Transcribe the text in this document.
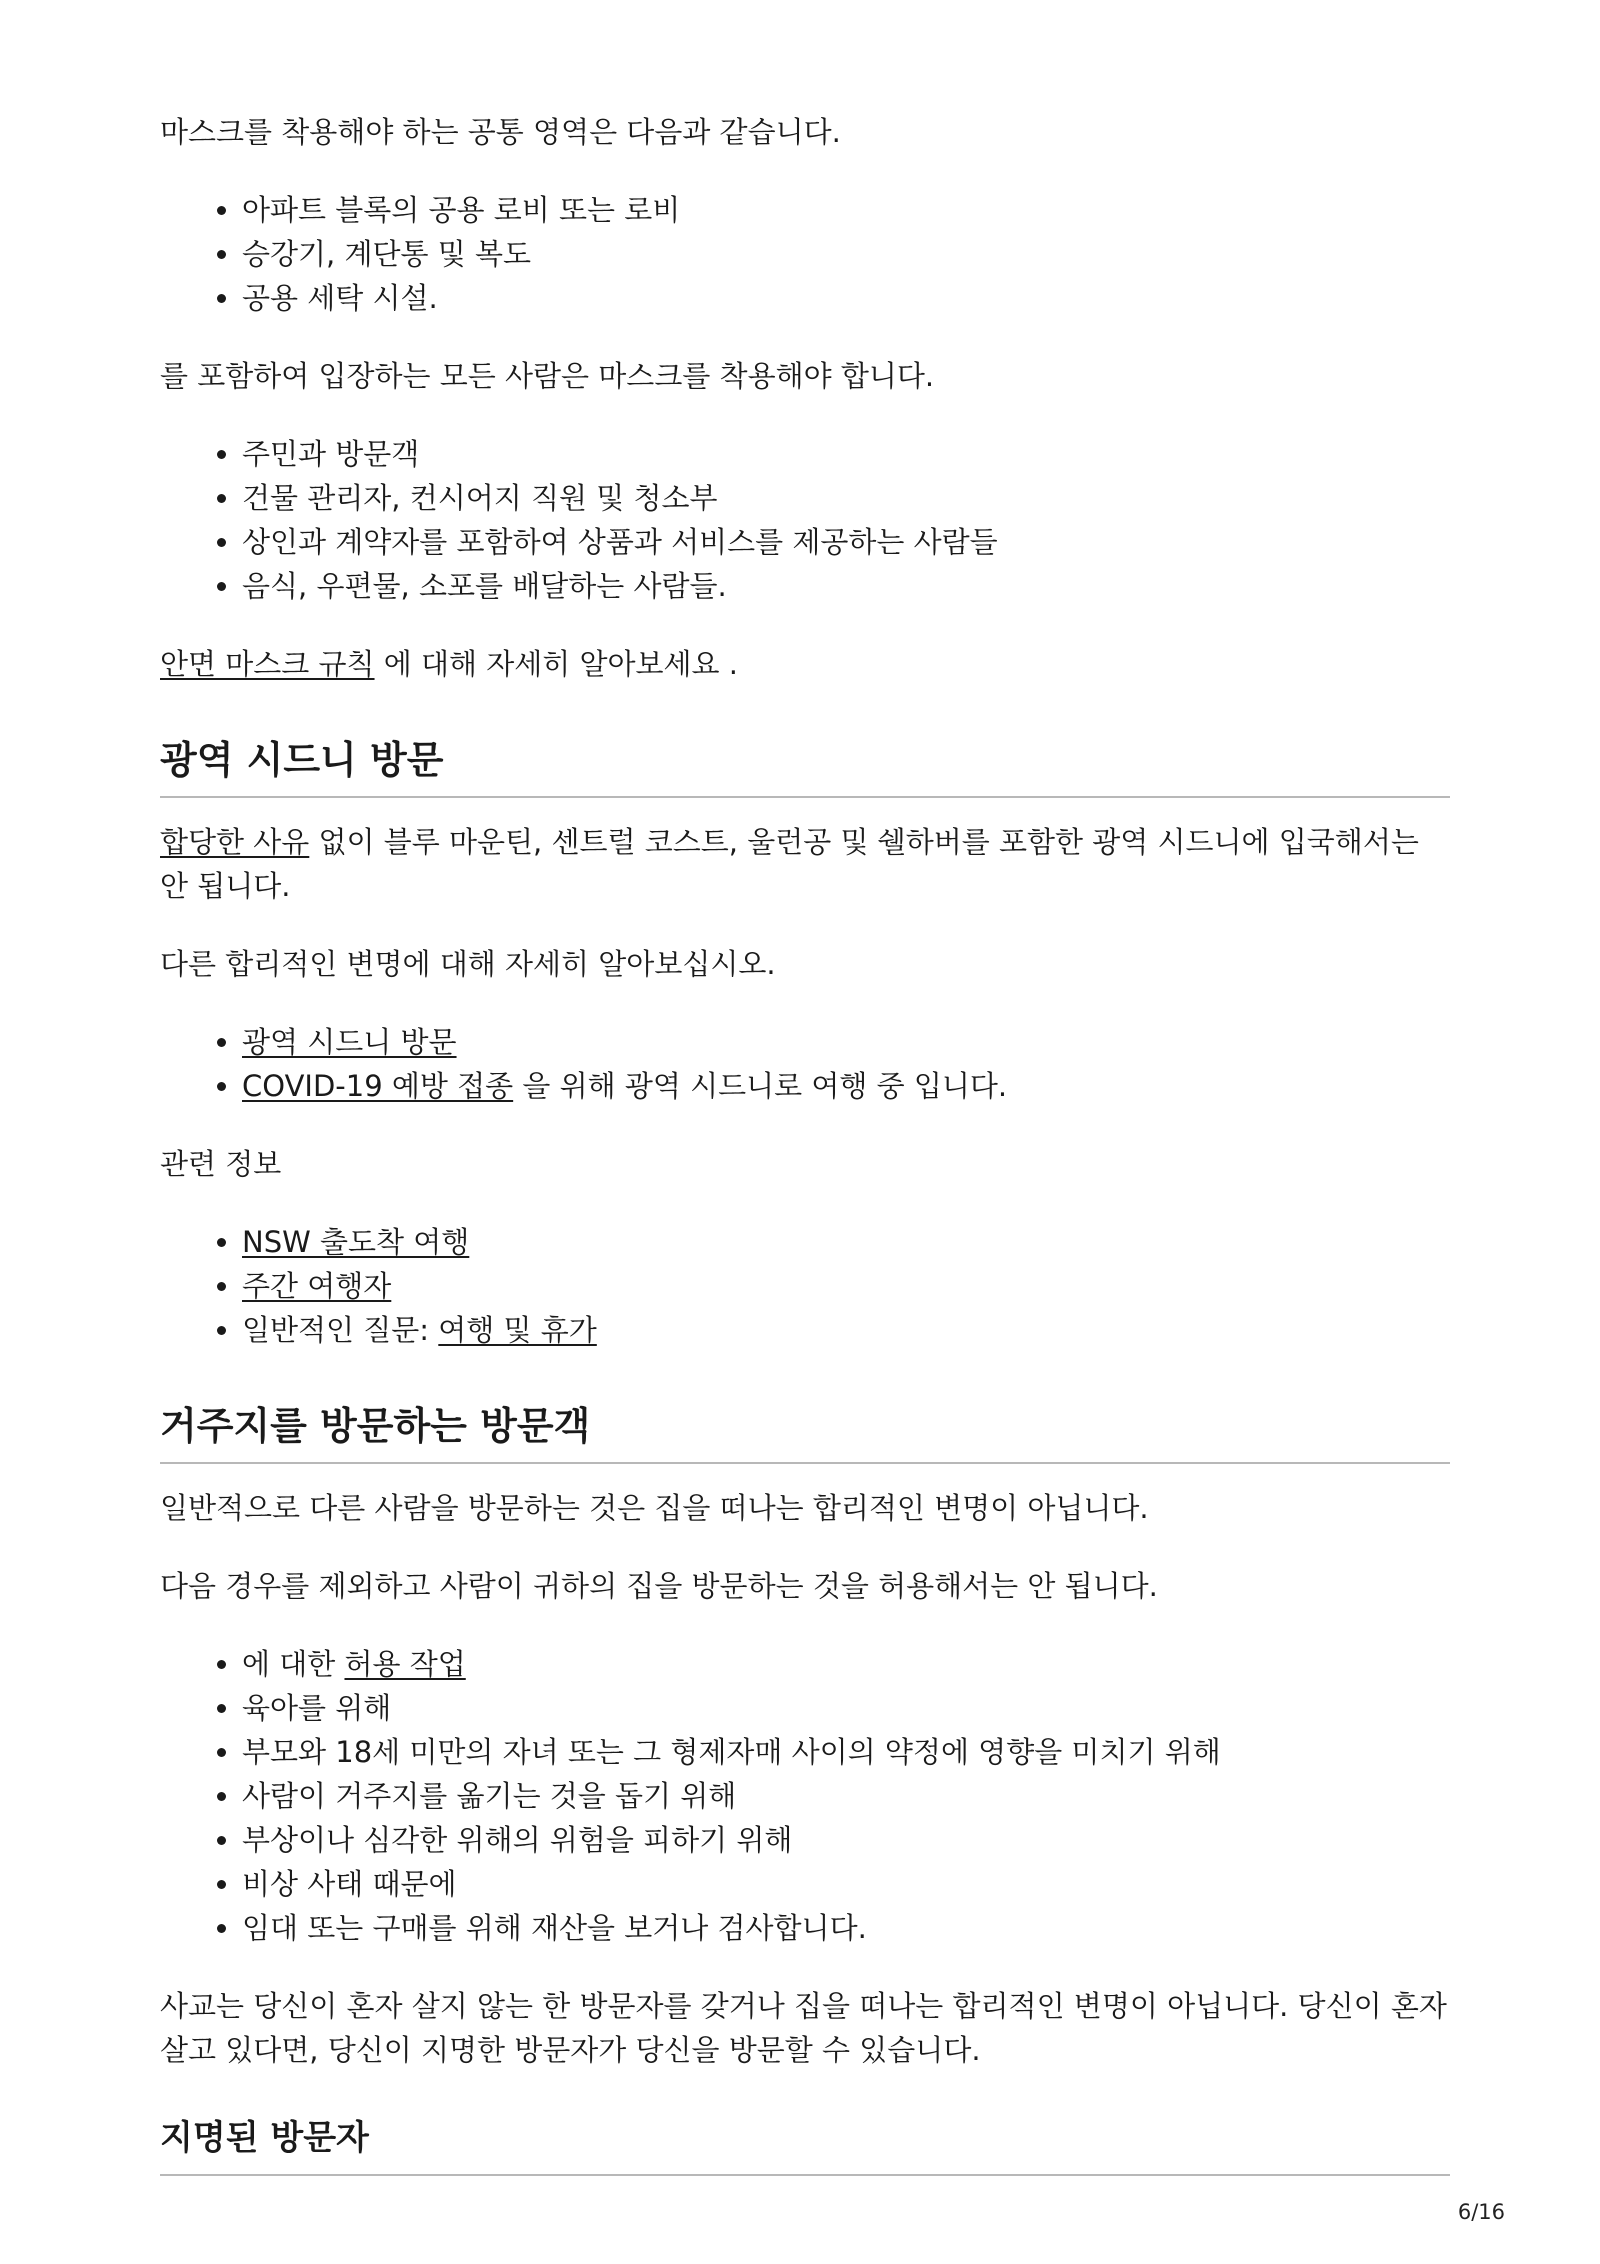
마스크를 착용해야 하는 공통 영역은 다음과 같습니다.

• 아파트 블록의 공용 로비 또는 로비
• 승강기, 계단통 및 복도
• 공용 세탁 시설.

를 포함하여 입장하는 모든 사람은 마스크를 착용해야 합니다.

• 주민과 방문객
• 건물 관리자, 컨시어지 직원 및 청소부
• 상인과 계약자를 포함하여 상품과 서비스를 제공하는 사람들
• 음식, 우편물, 소포를 배달하는 사람들.

안면 마스크 규칙 에 대해 자세히 알아보세요 .

광역 시드니 방문

합당한 사유 없이 블루 마운틴, 센트럴 코스트, 울런공 및 쉘하버를 포함한 광역 시드니에 입국해서는 안 됩니다.

다른 합리적인 변명에 대해 자세히 알아보십시오.

• 광역 시드니 방문
• COVID-19 예방 접종 을 위해 광역 시드니로 여행 중 입니다.

관련 정보

• NSW 출도착 여행
• 주간 여행자
• 일반적인 질문: 여행 및 휴가
거주지를 방문하는 방문객

일반적으로 다른 사람을 방문하는 것은 집을 떠나는 합리적인 변명이 아닙니다.

다음 경우를 제외하고 사람이 귀하의 집을 방문하는 것을 허용해서는 안 됩니다.

• 에 대한 허용 작업
• 육아를 위해
• 부모와 18세 미만의 자녀 또는 그 형제자매 사이의 약정에 영향을 미치기 위해
• 사람이 거주지를 옮기는 것을 돕기 위해
• 부상이나 심각한 위해의 위험을 피하기 위해
• 비상 사태 때문에
• 임대 또는 구매를 위해 재산을 보거나 검사합니다.

사교는 당신이 혼자 살지 않는 한 방문자를 갖거나 집을 떠나는 합리적인 변명이 아닙니다. 당신이 혼자 살고 있다면, 당신이 지명한 방문자가 당신을 방문할 수 있습니다.

지명된 방문자
6/16
